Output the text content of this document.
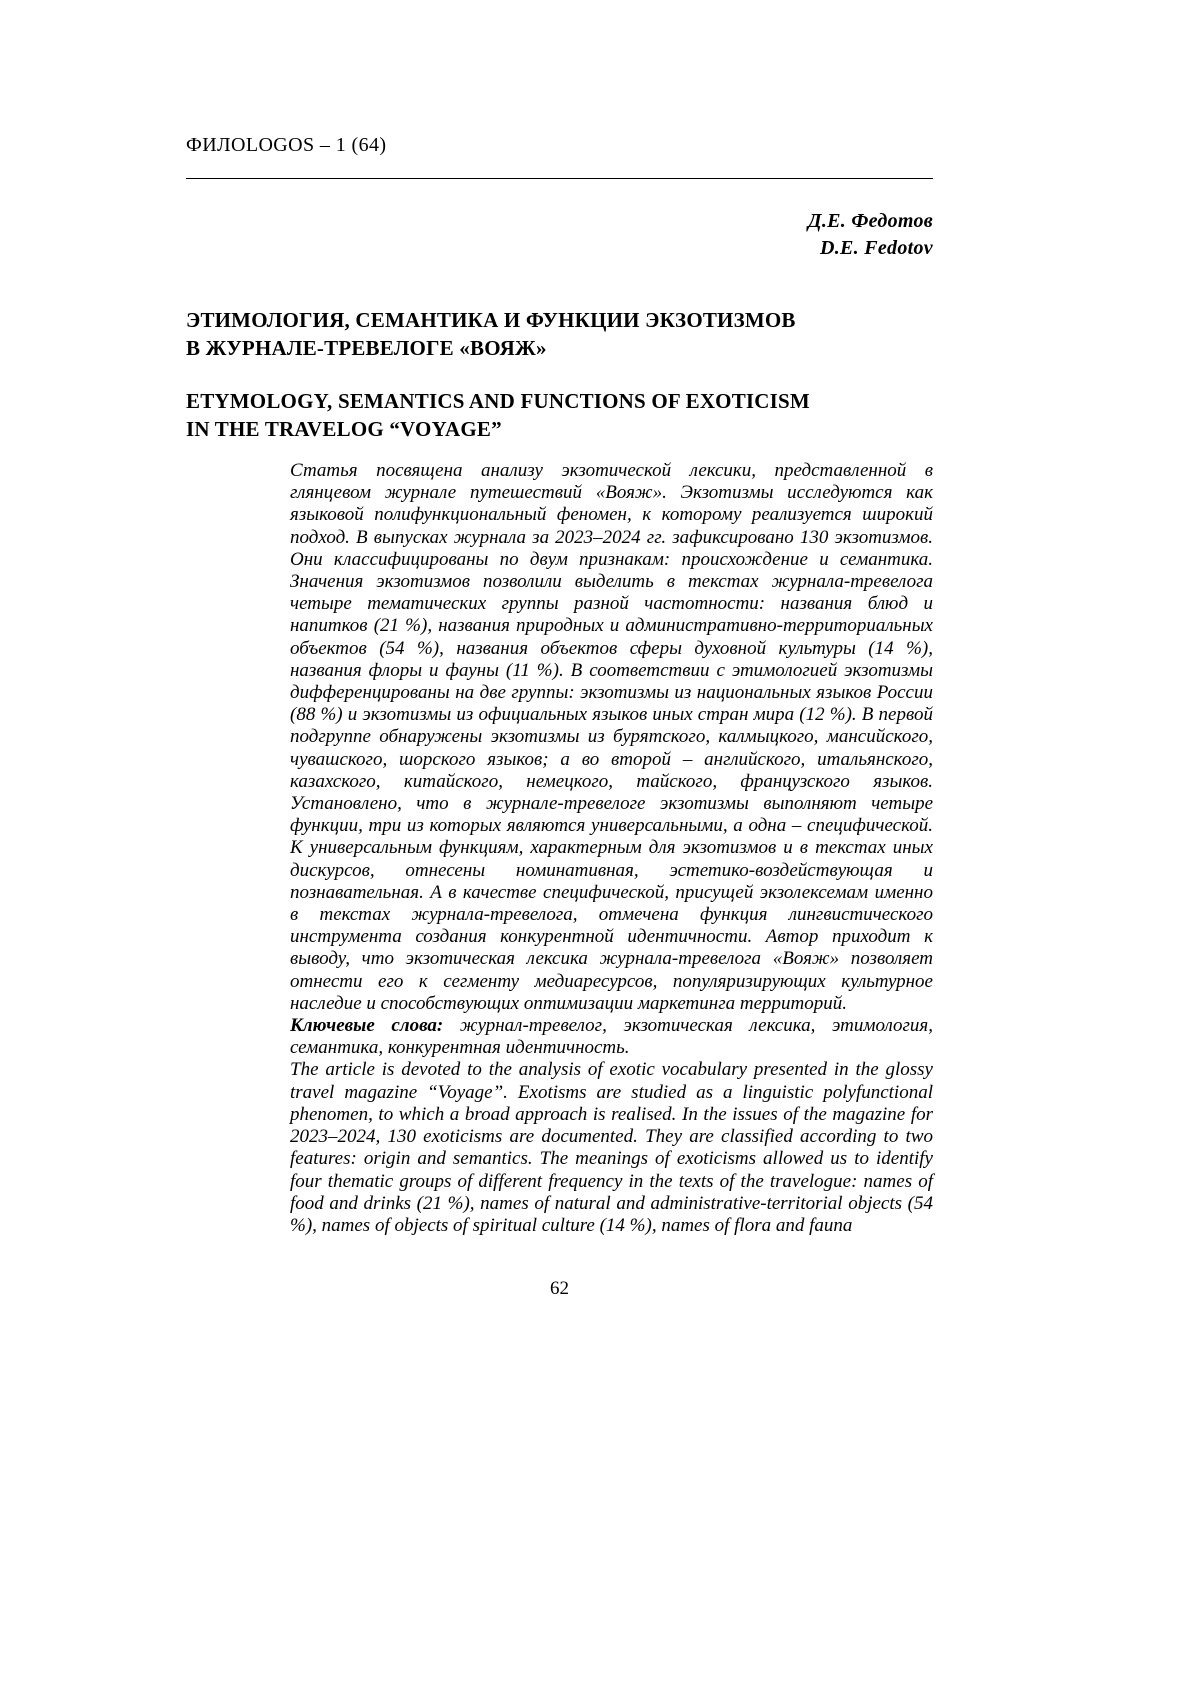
ФИЛОLOGOS – 1 (64)
Д.Е. Федотов
D.E. Fedotov
ЭТИМОЛОГИЯ, СЕМАНТИКА И ФУНКЦИИ ЭКЗОТИЗМОВ
В ЖУРНАЛЕ-ТРЕВЕЛОГЕ «ВОЯЖ»
ETYMOLOGY, SEMANTICS AND FUNCTIONS OF EXOTICISM
IN THE TRAVELOG “VOYAGE”

Статья посвящена анализу экзотической лексики, представленной в глянцевом журнале путешествий «Вояж». Экзотизмы исследуются как языковой полифункциональный феномен, к которому реализуется широкий подход. В выпусках журнала за 2023–2024 гг. зафиксировано 130 экзотизмов. Они классифицированы по двум признакам: происхождение и семантика. Значения экзотизмов позволили выделить в текстах журнала-тревелога четыре тематических группы разной частотности: названия блюд и напитков (21 %), названия природных и административно-территориальных объектов (54 %), названия объектов сферы духовной культуры (14 %), названия флоры и фауны (11 %). В соответствии с этимологией экзотизмы дифференцированы на две группы: экзотизмы из национальных языков России (88 %) и экзотизмы из официальных языков иных стран мира (12 %). В первой подгруппе обнаружены экзотизмы из бурятского, калмыцкого, мансийского, чувашского, шорского языков; а во второй – английского, итальянского, казахского, китайского, немецкого, тайского, французского языков. Установлено, что в журнале-тревелоге экзотизмы выполняют четыре функции, три из которых являются универсальными, а одна – специфической. К универсальным функциям, характерным для экзотизмов и в текстах иных дискурсов, отнесены номинативная, эстетико-воздействующая и познавательная. А в качестве специфической, присущей экзолексемам именно в текстах журнала-тревелога, отмечена функция лингвистического инструмента создания конкурентной идентичности. Автор приходит к выводу, что экзотическая лексика журнала-тревелога «Вояж» позволяет отнести его к сегменту медиаресурсов, популяризирующих культурное наследие и способствующих оптимизации маркетинга территорий.

Ключевые слова: журнал-тревелог, экзотическая лексика, этимология, семантика, конкурентная идентичность.

The article is devoted to the analysis of exotic vocabulary presented in the glossy travel magazine “Voyage”. Exotisms are studied as a linguistic polyfunctional phenomen, to which a broad approach is realised. In the issues of the magazine for 2023–2024, 130 exoticisms are documented. They are classified according to two features: origin and semantics. The meanings of exoticisms allowed us to identify four thematic groups of different frequency in the texts of the travelogue: names of food and drinks (21 %), names of natural and administrative-territorial objects (54 %), names of objects of spiritual culture (14 %), names of flora and fauna

62
